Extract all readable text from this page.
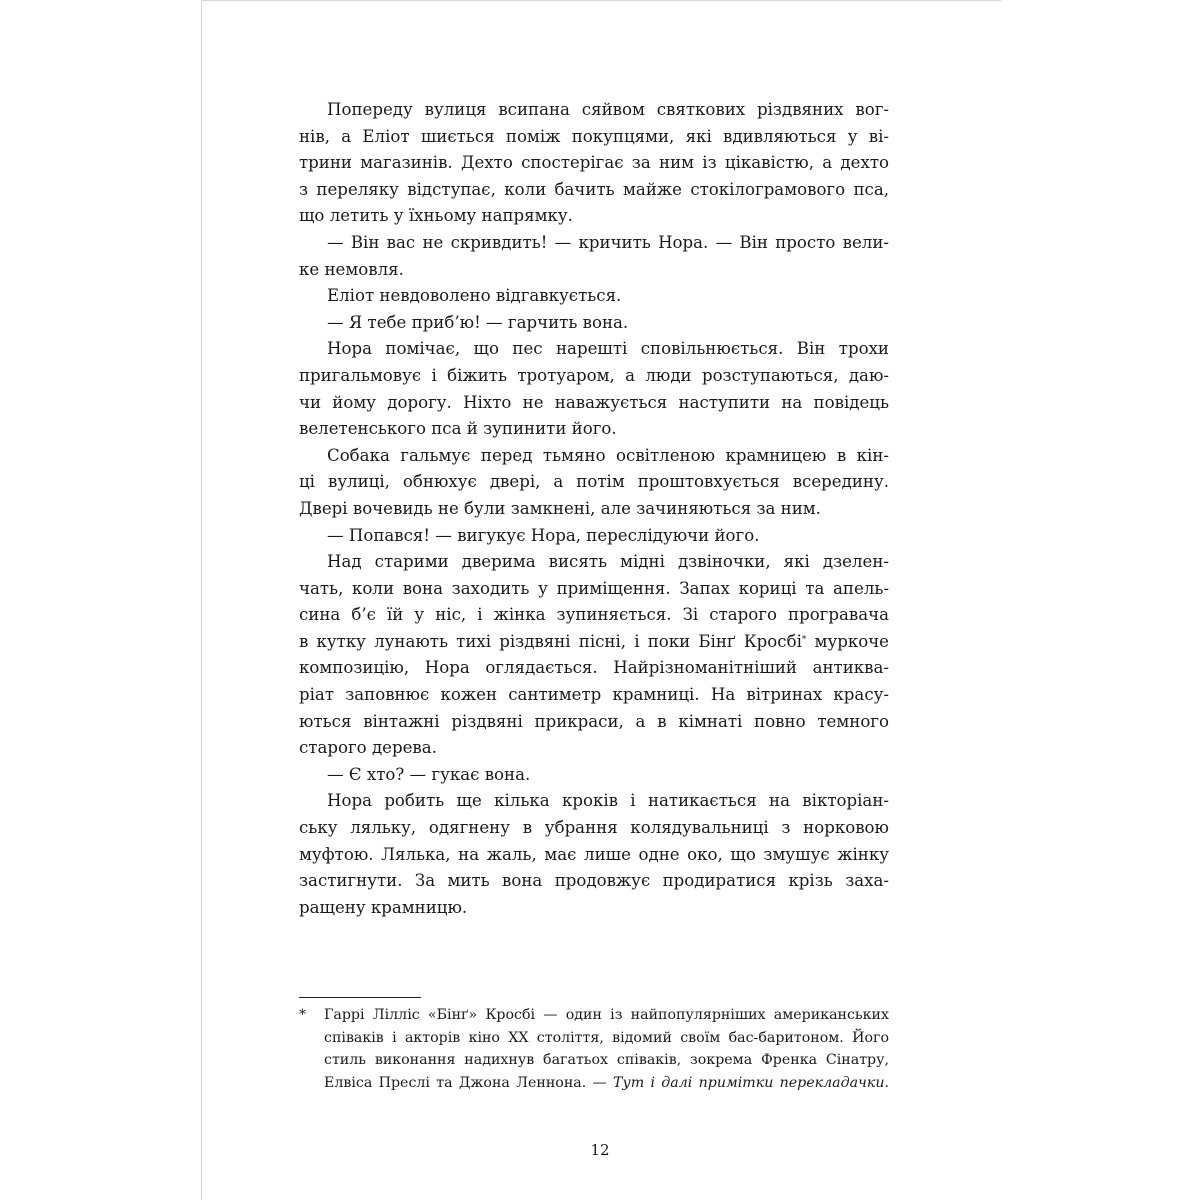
Попереду вулиця всипана сяйвом святкових різдвяних вог-
нів, а Еліот шиється поміж покупцями, які вдивляються у ві-
трини магазинів. Дехто спостерігає за ним із цікавістю, а дехто
з переляку відступає, коли бачить майже стокілограмового пса,
що летить у їхньому напрямку.
— Він вас не скривдить! — кричить Нора. — Він просто вели-
ке немовля.
Еліот невдоволено відгавкується.
— Я тебе приб’ю! — гарчить вона.
Нора помічає, що пес нарешті сповільнюється. Він трохи
пригальмовує і біжить тротуаром, а люди розступаються, даю-
чи йому дорогу. Ніхто не наважується наступити на повідець
велетенського пса й зупинити його.
Собака гальмує перед тьмяно освітленою крамницею в кін-
ці вулиці, обнюхує двері, а потім проштовхується всередину.
Двері вочевидь не були замкнені, але зачиняються за ним.
— Попався! — вигукує Нора, переслідуючи його.
Над старими дверима висять мідні дзвіночки, які дзелен-
чать, коли вона заходить у приміщення. Запах кориці та апель-
сина б’є їй у ніс, і жінка зупиняється. Зі старого програвача
в кутку лунають тихі різдвяні пісні, і поки Бінґ Кросбі* муркоче
композицію, Нора оглядається. Найрізноманітніший антиква-
ріат заповнює кожен сантиметр крамниці. На вітринах красу-
ються вінтажні різдвяні прикраси, а в кімнаті повно темного
старого дерева.
— Є хто? — гукає вона.
Нора робить ще кілька кроків і натикається на вікторіан-
ську ляльку, одягнену в убрання колядувальниці з норковою
муфтою. Лялька, на жаль, має лише одне око, що змушує жінку
застигнути. За мить вона продовжує продиратися крізь заха-
ращену крамницю.
* Гаррі Лілліс «Бінґ» Кросбі — один із найпопулярніших американських
співаків і акторів кіно XX століття, відомий своїм бас-баритоном. Його
стиль виконання надихнув багатьох співаків, зокрема Френка Сінатру,
Елвіса Преслі та Джона Леннона. — Тут і далі примітки перекладачки.
12
